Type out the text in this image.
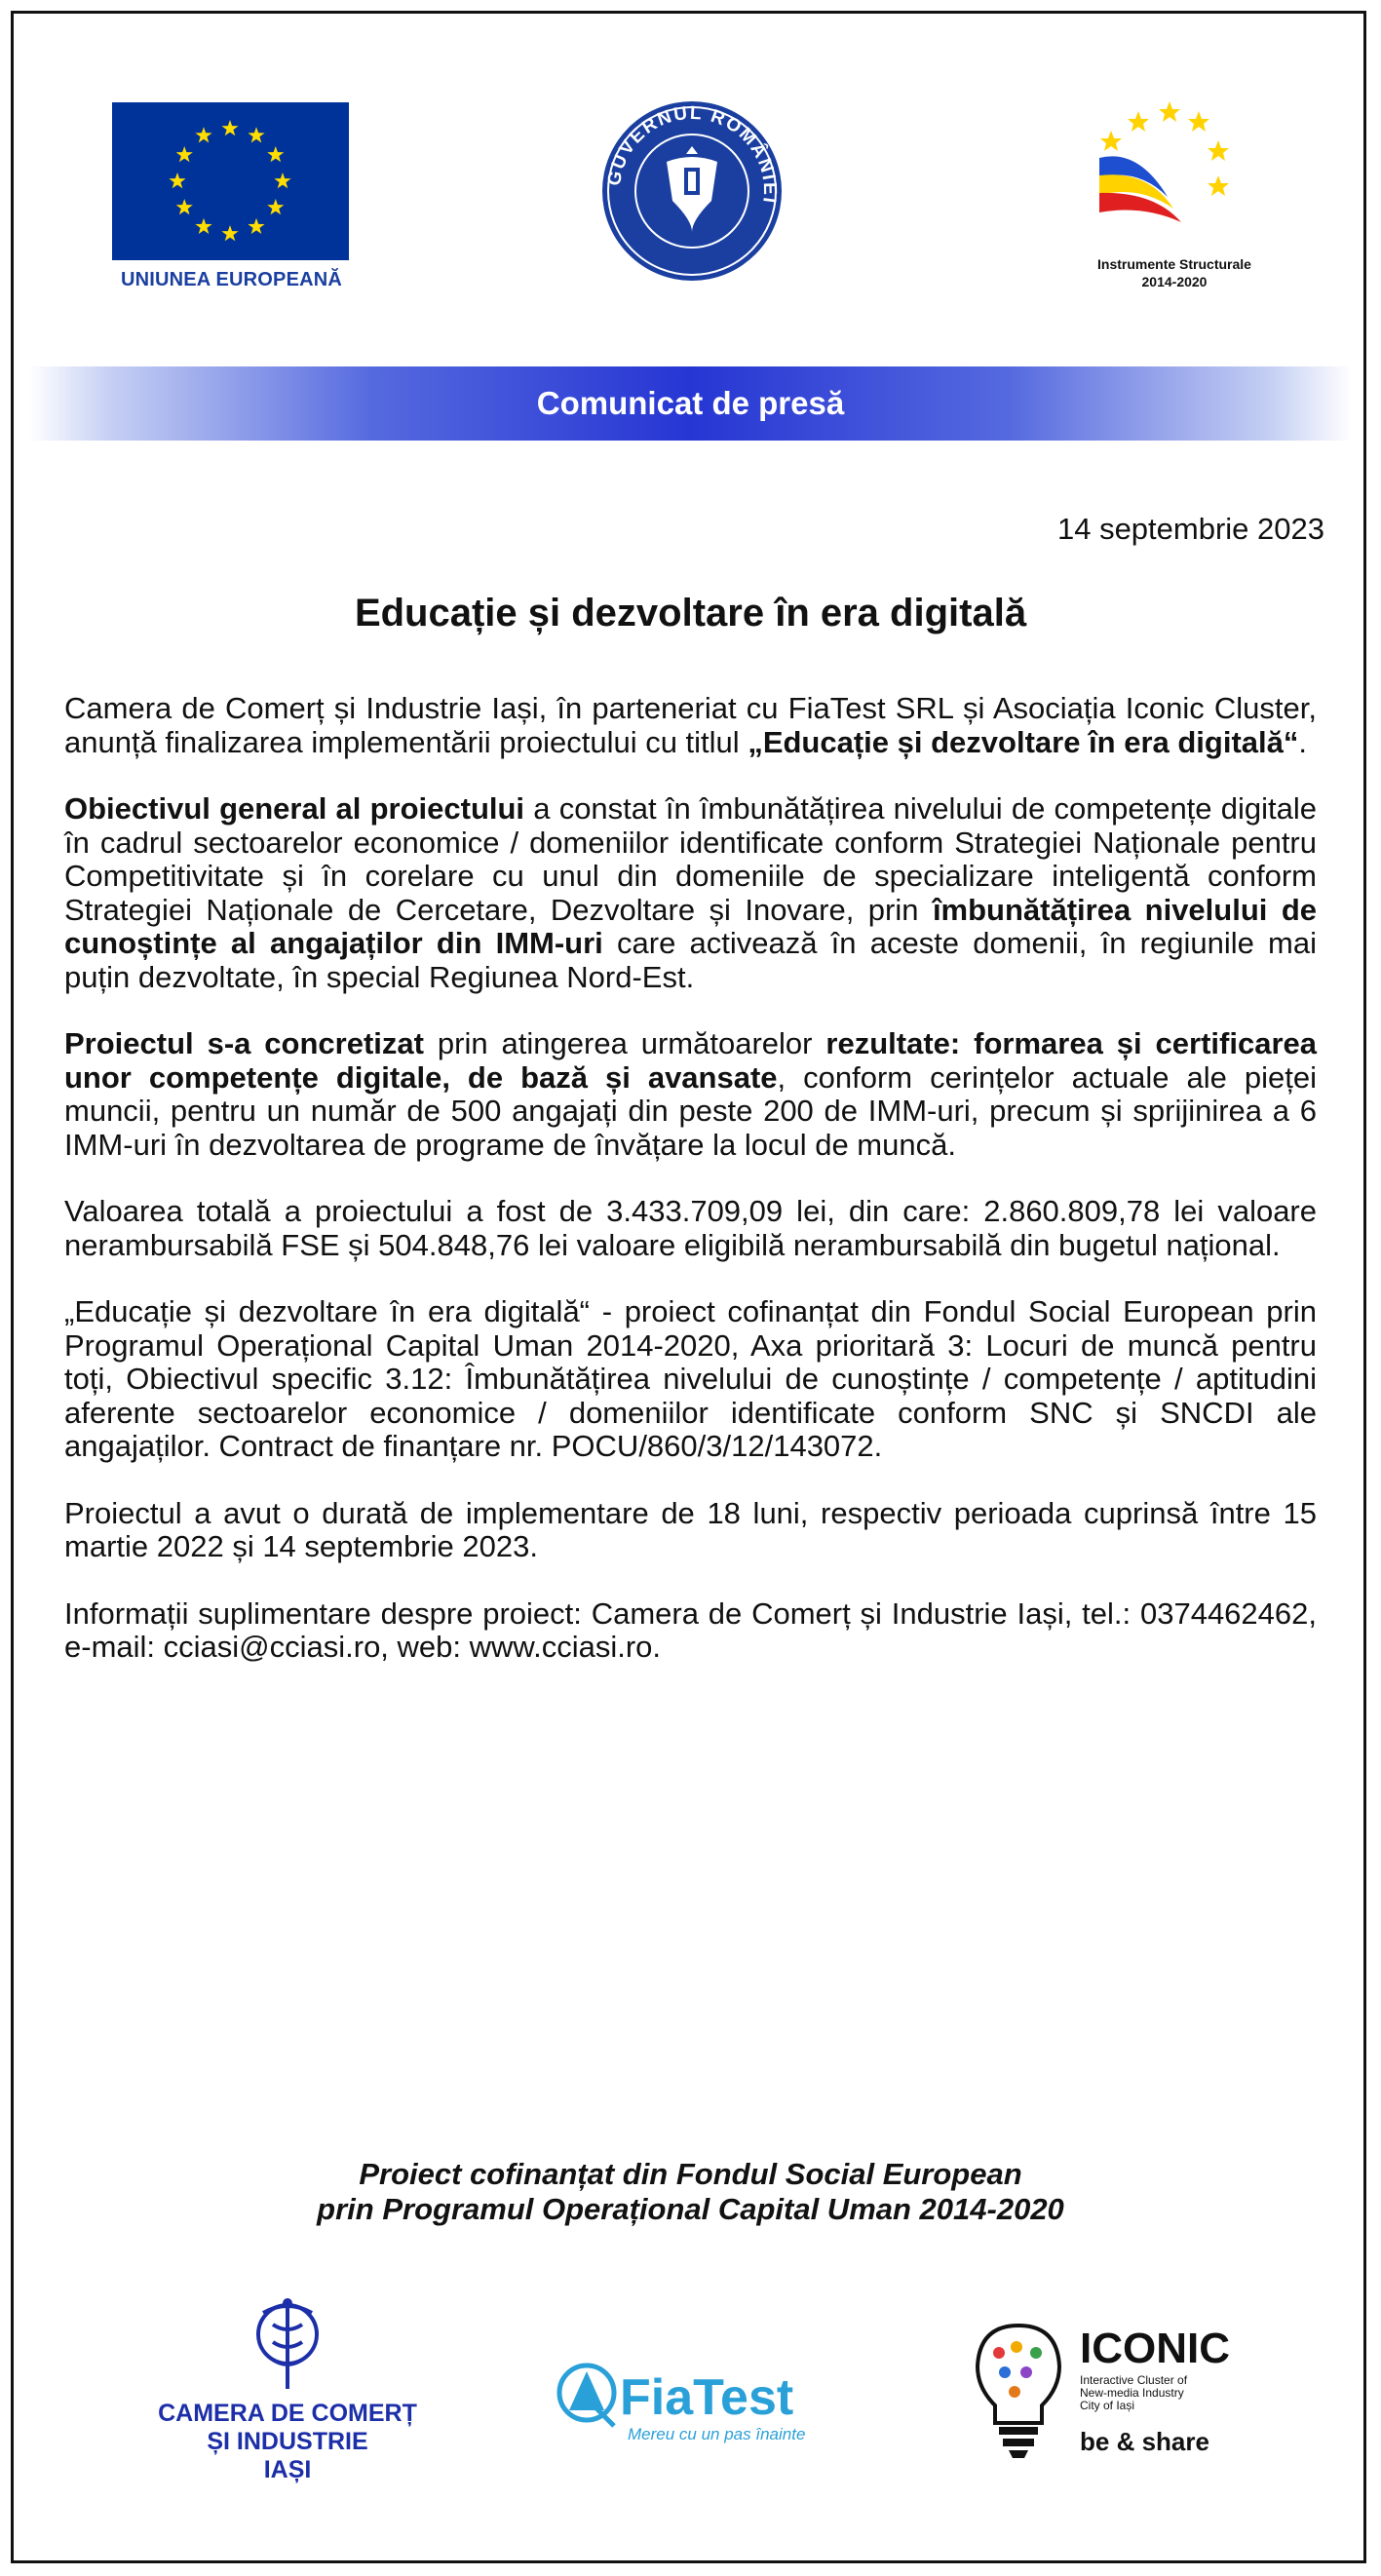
UNIUNEA EUROPEANĂ
GUVERNUL ROMÂNIEI
Instrumente Structurale
2014-2020
Comunicat de presă
14 septembrie 2023
Educație și dezvoltare în era digitală

Camera de Comerț și Industrie Iași, în parteneriat cu FiaTest SRL și Asociația Iconic Cluster, anunță finalizarea implementării proiectului cu titlul „Educație și dezvoltare în era digitală“.

Obiectivul general al proiectului a constat în îmbunătățirea nivelului de competențe digitale în cadrul sectoarelor economice / domeniilor identificate conform Strategiei Naționale pentru Competitivitate și în corelare cu unul din domeniile de specializare inteligentă conform Strategiei Naționale de Cercetare, Dezvoltare și Inovare, prin îmbunătățirea nivelului de cunoștințe al angajaților din IMM-uri care activează în aceste domenii, în regiunile mai puțin dezvoltate, în special Regiunea Nord-Est.

Proiectul s-a concretizat prin atingerea următoarelor rezultate: formarea și certificarea unor competențe digitale, de bază și avansate, conform cerințelor actuale ale pieței muncii, pentru un număr de 500 angajați din peste 200 de IMM-uri, precum și sprijinirea a 6 IMM-uri în dezvoltarea de programe de învățare la locul de muncă.

Valoarea totală a proiectului a fost de 3.433.709,09 lei, din care: 2.860.809,78 lei valoare nerambursabilă FSE și 504.848,76 lei valoare eligibilă nerambursabilă din bugetul național.

„Educație și dezvoltare în era digitală“ - proiect cofinanțat din Fondul Social European prin Programul Operațional Capital Uman 2014-2020, Axa prioritară 3: Locuri de muncă pentru toți, Obiectivul specific 3.12: Îmbunătățirea nivelului de cunoștințe / competențe / aptitudini aferente sectoarelor economice / domeniilor identificate conform SNC și SNCDI ale angajaților. Contract de finanțare nr. POCU/860/3/12/143072.

Proiectul a avut o durată de implementare de 18 luni, respectiv perioada cuprinsă între 15 martie 2022 și 14 septembrie 2023.

Informații suplimentare despre proiect: Camera de Comerț și Industrie Iași, tel.: 0374462462, e-mail: cciasi@cciasi.ro, web: www.cciasi.ro.

Proiect cofinanțat din Fondul Social European
prin Programul Operațional Capital Uman 2014-2020
CAMERA DE COMERȚ
ȘI INDUSTRIE
IAȘI
FiaTest
Mereu cu un pas înainte
ICONIC
Interactive Cluster of
New-media Industry
City of Iași
be & share
